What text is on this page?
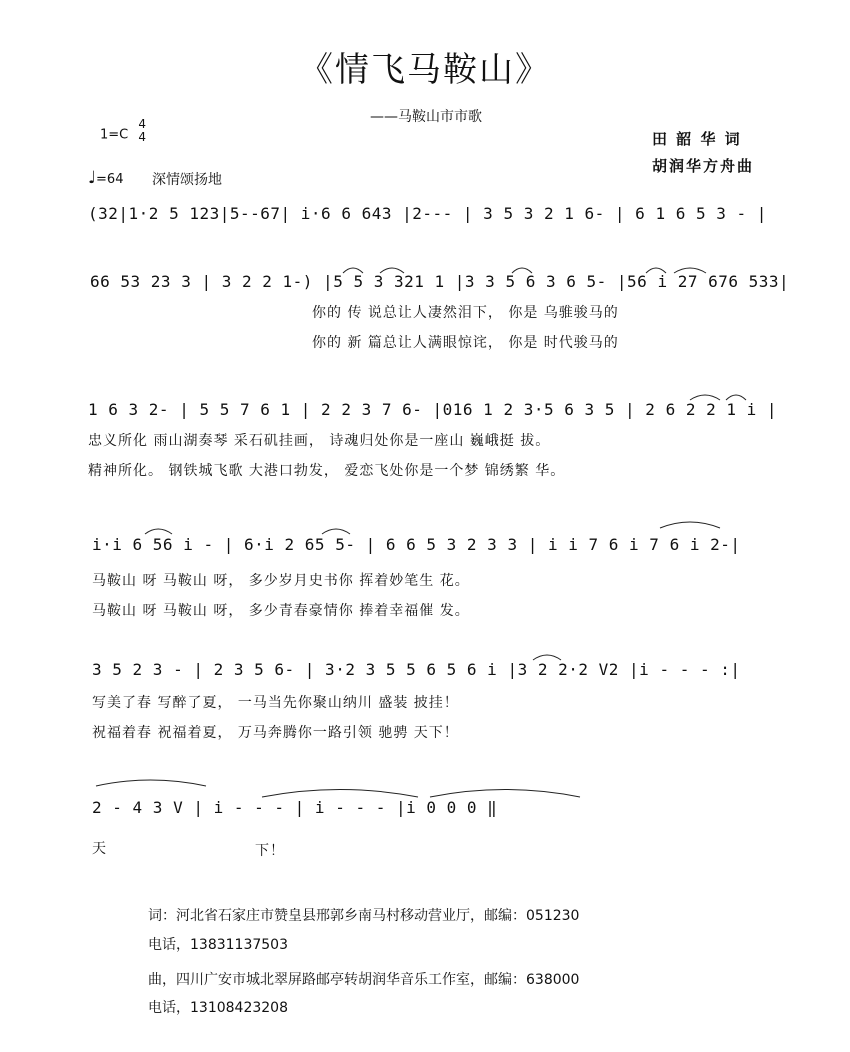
《情飞马鞍山》
——马鞍山市市歌
1=C
4
4	田 韶 华 词
胡润华方舟曲
♩=64 深情颂扬地
(32|1·2 5 123|5--67| i·6 6 643 |2--- | 3 5 3 2 1 6- | 6 1 6 5 3 - |
66 53 23 3 | 3 2 2 1-) |5 5 3 321 1 |3 3 5 6 3 6 5- |56 i 27 676 533|
你的 传 说总让人凄然泪下， 你是 乌骓骏马的
你的 新 篇总让人满眼惊诧， 你是 时代骏马的
1 6 3 2- | 5 5 7 6 1 | 2 2 3 7 6- |016 1 2 3·5 6 3 5 | 2 6 2 2 1 i |
忠义所化 雨山湖奏琴 采石矶挂画， 诗魂归处你是一座山 巍峨挺 拔。
精神所化。 钢铁城飞歌 大港口勃发， 爱恋飞处你是一个梦 锦绣繁 华。
i·i 6 56 i - | 6·i 2 65 5- | 6 6 5 3 2 3 3 | i i 7 6 i 7 6 i 2-|
马鞍山 呀 马鞍山 呀， 多少岁月史书你 挥着妙笔生 花。
马鞍山 呀 马鞍山 呀， 多少青春豪情你 捧着幸福催 发。
3 5 2 3 - | 2 3 5 6- | 3·2 3 5 5 6 5 6 i |3 2 2·2 V2 |i - - - :|
写美了春 写醉了夏， 一马当先你聚山纳川 盛装 披挂！
祝福着春 祝福着夏， 万马奔腾你一路引领 驰骋 天下！
2 - 4 3 V | i - - - | i - - - |i 0 0 0 ‖
天	下！
词：河北省石家庄市赞皇县邢郭乡南马村移动营业厅，邮编：051230
电话，13831137503
曲，四川广安市城北翠屏路邮亭转胡润华音乐工作室，邮编：638000
电话，13108423208
